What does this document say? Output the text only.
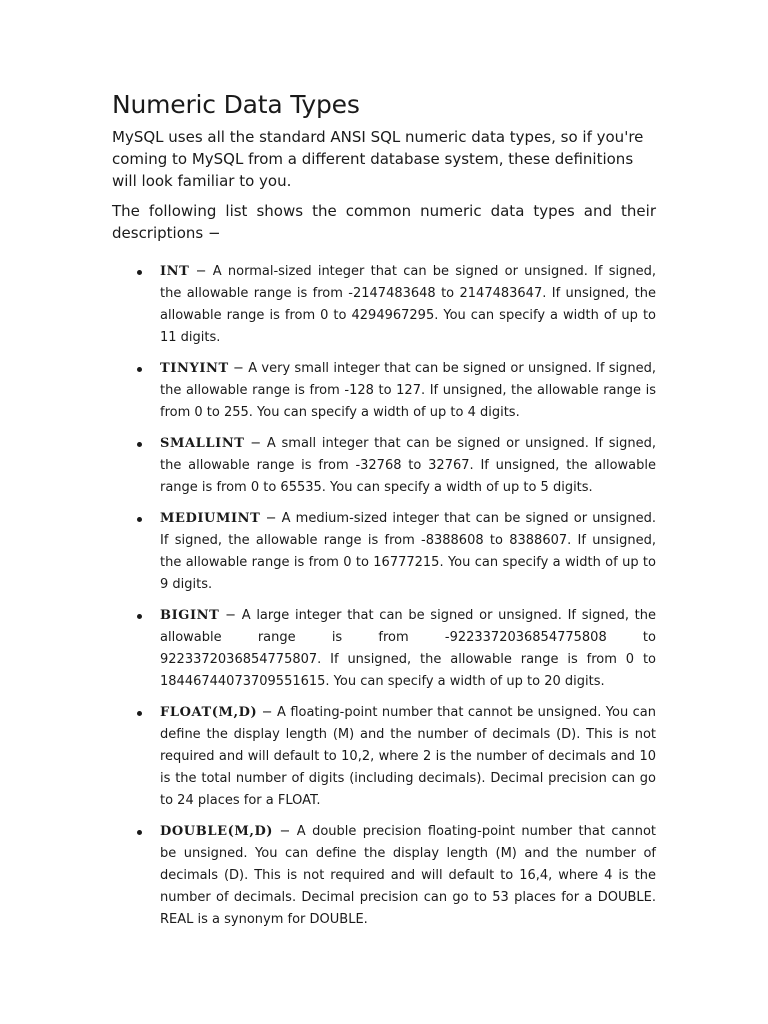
Numeric Data Types

MySQL uses all the standard ANSI SQL numeric data types, so if you're coming to MySQL from a different database system, these definitions will look familiar to you.

The following list shows the common numeric data types and their descriptions −

INT − A normal-sized integer that can be signed or unsigned. If signed, the allowable range is from -2147483648 to 2147483647. If unsigned, the allowable range is from 0 to 4294967295. You can specify a width of up to 11 digits.
TINYINT − A very small integer that can be signed or unsigned. If signed, the allowable range is from -128 to 127. If unsigned, the allowable range is from 0 to 255. You can specify a width of up to 4 digits.
SMALLINT − A small integer that can be signed or unsigned. If signed, the allowable range is from -32768 to 32767. If unsigned, the allowable range is from 0 to 65535. You can specify a width of up to 5 digits.
MEDIUMINT − A medium-sized integer that can be signed or unsigned. If signed, the allowable range is from -8388608 to 8388607. If unsigned, the allowable range is from 0 to 16777215. You can specify a width of up to 9 digits.
BIGINT − A large integer that can be signed or unsigned. If signed, the allowable range is from -9223372036854775808 to 9223372036854775807. If unsigned, the allowable range is from 0 to 18446744073709551615. You can specify a width of up to 20 digits.
FLOAT(M,D) − A floating-point number that cannot be unsigned. You can define the display length (M) and the number of decimals (D). This is not required and will default to 10,2, where 2 is the number of decimals and 10 is the total number of digits (including decimals). Decimal precision can go to 24 places for a FLOAT.
DOUBLE(M,D) − A double precision floating-point number that cannot be unsigned. You can define the display length (M) and the number of decimals (D). This is not required and will default to 16,4, where 4 is the number of decimals. Decimal precision can go to 53 places for a DOUBLE. REAL is a synonym for DOUBLE.
